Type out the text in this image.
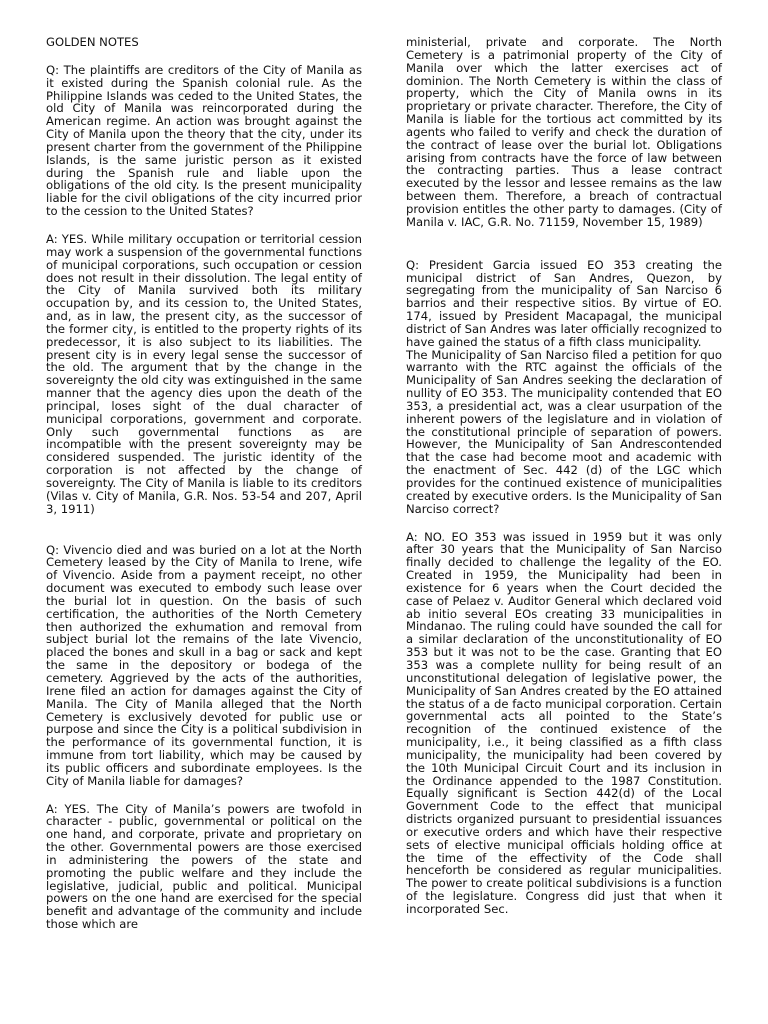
GOLDEN NOTES

Q: The plaintiffs are creditors of the City of Manila as it existed during the Spanish colonial rule. As the Philippine Islands was ceded to the United States, the old City of Manila was reincorporated during the American regime. An action was brought against the City of Manila upon the theory that the city, under its present charter from the government of the Philippine Islands, is the same juristic person as it existed during the Spanish rule and liable upon the obligations of the old city. Is the present municipality liable for the civil obligations of the city incurred prior to the cession to the United States?

A: YES. While military occupation or territorial cession may work a suspension of the governmental functions of municipal corporations, such occupation or cession does not result in their dissolution. The legal entity of the City of Manila survived both its military occupation by, and its cession to, the United States, and, as in law, the present city, as the successor of the former city, is entitled to the property rights of its predecessor, it is also subject to its liabilities. The present city is in every legal sense the successor of the old. The argument that by the change in the sovereignty the old city was extinguished in the same manner that the agency dies upon the death of the principal, loses sight of the dual character of municipal corporations, government and corporate. Only such governmental functions as are incompatible with the present sovereignty may be considered suspended. The juristic identity of the corporation is not affected by the change of sovereignty. The City of Manila is liable to its creditors (Vilas v. City of Manila, G.R. Nos. 53-54 and 207, April 3, 1911)

Q: Vivencio died and was buried on a lot at the North Cemetery leased by the City of Manila to Irene, wife of Vivencio. Aside from a payment receipt, no other document was executed to embody such lease over the burial lot in question. On the basis of such certification, the authorities of the North Cemetery then authorized the exhumation and removal from subject burial lot the remains of the late Vivencio, placed the bones and skull in a bag or sack and kept the same in the depository or bodega of the cemetery. Aggrieved by the acts of the authorities, Irene filed an action for damages against the City of Manila. The City of Manila alleged that the North Cemetery is exclusively devoted for public use or purpose and since the City is a political subdivision in the performance of its governmental function, it is immune from tort liability, which may be caused by its public officers and subordinate employees. Is the City of Manila liable for damages?

A: YES. The City of Manila’s powers are twofold in character - public, governmental or political on the one hand, and corporate, private and proprietary on the other. Governmental powers are those exercised in administering the powers of the state and promoting the public welfare and they include the legislative, judicial, public and political. Municipal powers on the one hand are exercised for the special benefit and advantage of the community and include those which are

ministerial, private and corporate. The North Cemetery is a patrimonial property of the City of Manila over which the latter exercises act of dominion. The North Cemetery is within the class of property, which the City of Manila owns in its proprietary or private character. Therefore, the City of Manila is liable for the tortious act committed by its agents who failed to verify and check the duration of the contract of lease over the burial lot. Obligations arising from contracts have the force of law between the contracting parties. Thus a lease contract executed by the lessor and lessee remains as the law between them. Therefore, a breach of contractual provision entitles the other party to damages. (City of Manila v. IAC, G.R. No. 71159, November 15, 1989)

Q: President Garcia issued EO 353 creating the municipal district of San Andres, Quezon, by segregating from the municipality of San Narciso 6 barrios and their respective sitios. By virtue of EO. 174, issued by President Macapagal, the municipal district of San Andres was later officially recognized to have gained the status of a fifth class municipality.

The Municipality of San Narciso filed a petition for quo warranto with the RTC against the officials of the Municipality of San Andres seeking the declaration of nullity of EO 353. The municipality contended that EO 353, a presidential act, was a clear usurpation of the inherent powers of the legislature and in violation of the constitutional principle of separation of powers. However, the Municipality of San Andrescontended that the case had become moot and academic with the enactment of Sec. 442 (d) of the LGC which provides for the continued existence of municipalities created by executive orders. Is the Municipality of San Narciso correct?

A: NO. EO 353 was issued in 1959 but it was only after 30 years that the Municipality of San Narciso finally decided to challenge the legality of the EO. Created in 1959, the Municipality had been in existence for 6 years when the Court decided the case of Pelaez v. Auditor General which declared void ab initio several EOs creating 33 municipalities in Mindanao. The ruling could have sounded the call for a similar declaration of the unconstitutionality of EO 353 but it was not to be the case. Granting that EO 353 was a complete nullity for being result of an unconstitutional delegation of legislative power, the Municipality of San Andres created by the EO attained the status of a de facto municipal corporation. Certain governmental acts all pointed to the State’s recognition of the continued existence of the municipality, i.e., it being classified as a fifth class municipality, the municipality had been covered by the 10th Municipal Circuit Court and its inclusion in the Ordinance appended to the 1987 Constitution. Equally significant is Section 442(d) of the Local Government Code to the effect that municipal districts organized pursuant to presidential issuances or executive orders and which have their respective sets of elective municipal officials holding office at the time of the effectivity of the Code shall henceforth be considered as regular municipalities. The power to create political subdivisions is a function of the legislature. Congress did just that when it incorporated Sec.
